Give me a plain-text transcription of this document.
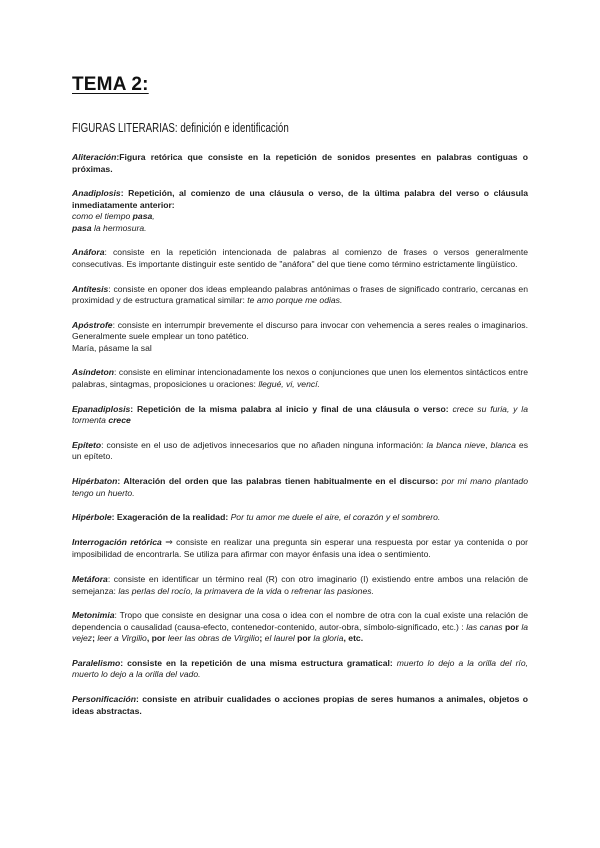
TEMA 2:
FIGURAS LITERARIAS: definición e identificación

Aliteración:Figura retórica que consiste en la repetición de sonidos presentes en palabras contiguas o próximas.

Anadiplosis: Repetición, al comienzo de una cláusula o verso, de la última palabra del verso o cláusula inmediatamente anterior:
como el tiempo pasa,
pasa la hermosura.

Anáfora: consiste en la repetición intencionada de palabras al comienzo de frases o versos generalmente consecutivas. Es importante distinguir este sentido de "anáfora" del que tiene como término estrictamente lingüístico.

Antítesis: consiste en oponer dos ideas empleando palabras antónimas o frases de significado contrario, cercanas en proximidad y de estructura gramatical similar: te amo porque me odias.

Apóstrofe: consiste en interrumpir brevemente el discurso para invocar con vehemencia a seres reales o imaginarios. Generalmente suele emplear un tono patético.
María, pásame la sal

Asíndeton: consiste en eliminar intencionadamente los nexos o conjunciones que unen los elementos sintácticos entre palabras, sintagmas, proposiciones u oraciones: llegué, vi, vencí.

Epanadiplosis: Repetición de la misma palabra al inicio y final de una cláusula o verso: crece su furia, y la tormenta crece

Epíteto: consiste en el uso de adjetivos innecesarios que no añaden ninguna información: la blanca nieve, blanca es un epíteto.

Hipérbaton: Alteración del orden que las palabras tienen habitualmente en el discurso: por mi mano plantado tengo un huerto.

Hipérbole: Exageración de la realidad: Por tu amor me duele el aire, el corazón y el sombrero.

Interrogación retórica ⇒ consiste en realizar una pregunta sin esperar una respuesta por estar ya contenida o por imposibilidad de encontrarla. Se utiliza para afirmar con mayor énfasis una idea o sentimiento.

Metáfora: consiste en identificar un término real (R) con otro imaginario (I) existiendo entre ambos una relación de semejanza: las perlas del rocío, la primavera de la vida o refrenar las pasiones.

Metonimia: Tropo que consiste en designar una cosa o idea con el nombre de otra con la cual existe una relación de dependencia o causalidad (causa-efecto, contenedor-contenido, autor-obra, símbolo-significado, etc.) : las canas por la vejez; leer a Virgilio, por leer las obras de Virgilio; el laurel por la gloria, etc.

Paralelismo: consiste en la repetición de una misma estructura gramatical: muerto lo dejo a la orilla del río, muerto lo dejo a la orilla del vado.

Personificación: consiste en atribuir cualidades o acciones propias de seres humanos a animales, objetos o ideas abstractas.
